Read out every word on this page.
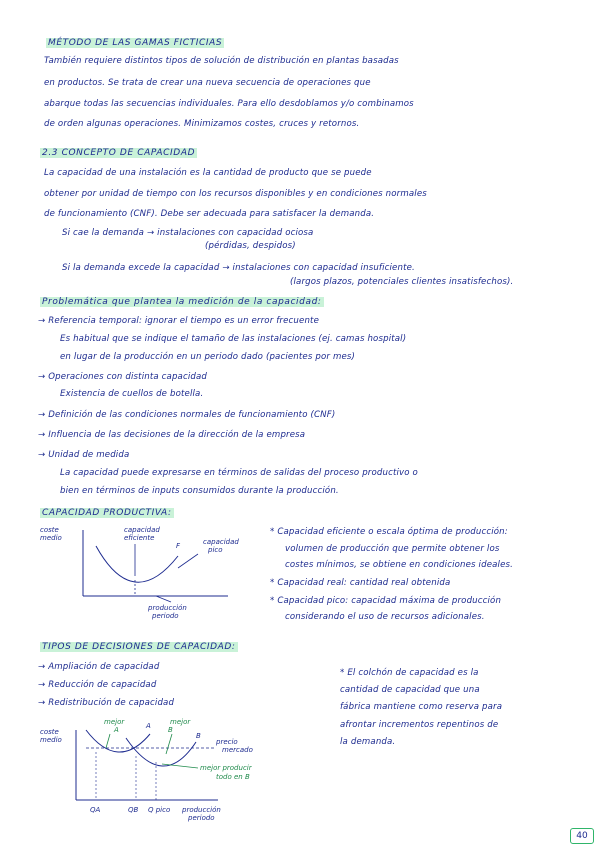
MÉTODO DE LAS GAMAS FICTICIAS
También requiere distintos tipos de solución de distribución en plantas basadas
en productos. Se trata de crear una nueva secuencia de operaciones que
abarque todas las secuencias individuales. Para ello desdoblamos y/o combinamos
de orden algunas operaciones. Minimizamos costes, cruces y retornos.
2.3 CONCEPTO DE CAPACIDAD
La capacidad de una instalación es la cantidad de producto que se puede
obtener por unidad de tiempo con los recursos disponibles y en condiciones normales
de funcionamiento (CNF). Debe ser adecuada para satisfacer la demanda.
Si cae la demanda → instalaciones con capacidad ociosa
(pérdidas, despidos)
Si la demanda excede la capacidad → instalaciones con capacidad insuficiente.
(largos plazos, potenciales clientes insatisfechos).
Problemática que plantea la medición de la capacidad:
→ Referencia temporal: ignorar el tiempo es un error frecuente
Es habitual que se indique el tamaño de las instalaciones (ej. camas hospital)
en lugar de la producción en un periodo dado (pacientes por mes)
→ Operaciones con distinta capacidad
Existencia de cuellos de botella.
→ Definición de las condiciones normales de funcionamiento (CNF)
→ Influencia de las decisiones de la dirección de la empresa
→ Unidad de medida
La capacidad puede expresarse en términos de salidas del proceso productivo o
bien en términos de inputs consumidos durante la producción.
CAPACIDAD PRODUCTIVA:
coste
medio
capacidad
eficiente
F	capacidad
pico
producción
periodo
* Capacidad eficiente o escala óptima de producción:
volumen de producción que permite obtener los
costes mínimos, se obtiene en condiciones ideales.
* Capacidad real: cantidad real obtenida
* Capacidad pico: capacidad máxima de producción
considerando el uso de recursos adicionales.
TIPOS DE DECISIONES DE CAPACIDAD:
→ Ampliación de capacidad
→ Reducción de capacidad
→ Redistribución de capacidad
* El colchón de capacidad es la
cantidad de capacidad que una
fábrica mantiene como reserva para
afrontar incrementos repentinos de
la demanda.
coste
medio
A
B
precio
mercado
QA	QB Q pico producción
periodo
mejor
A
mejor
B
mejor producir
todo en B
40
